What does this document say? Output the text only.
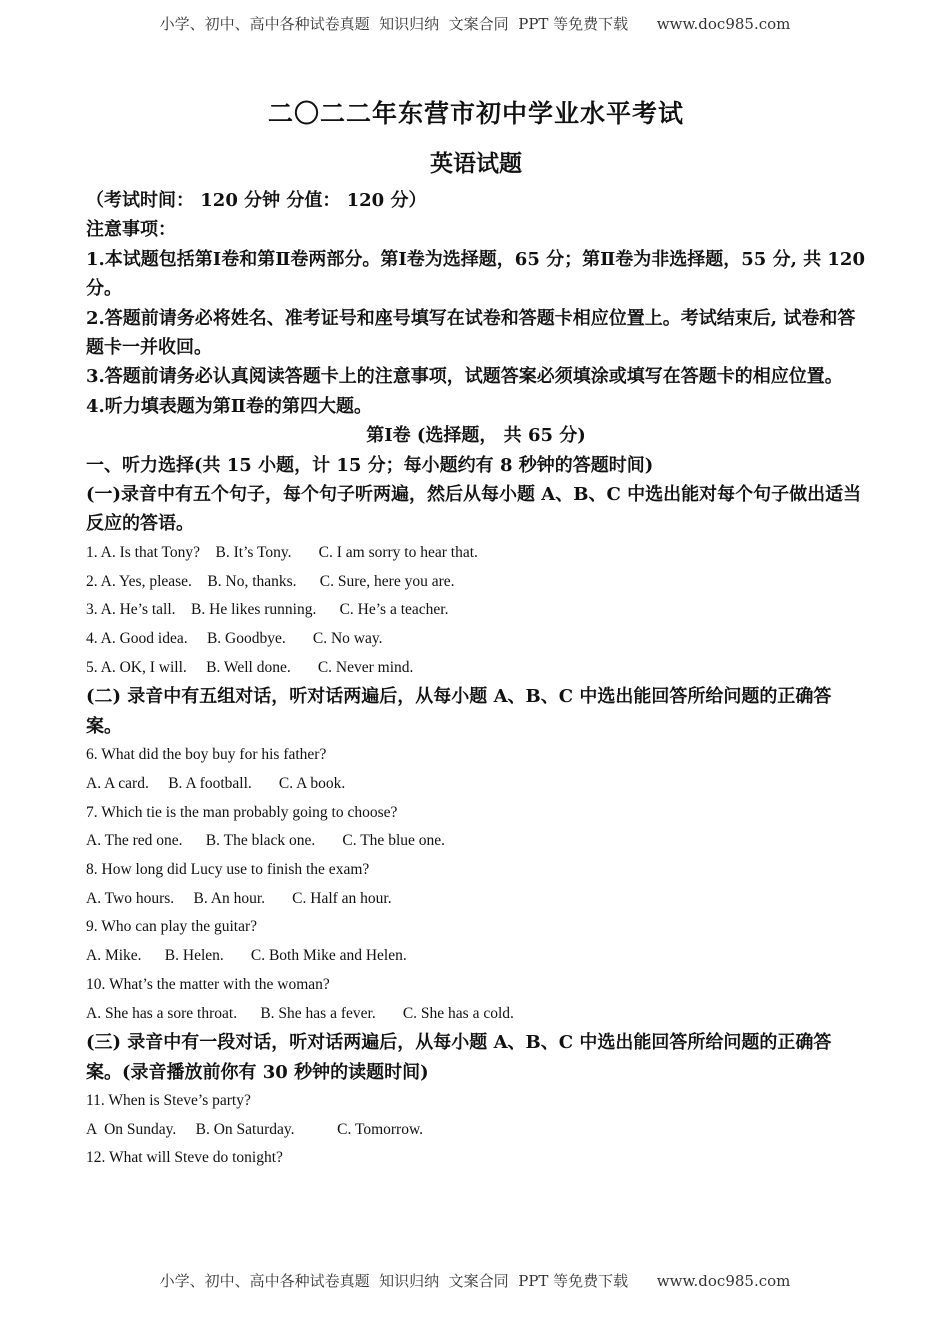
小学、初中、高中各种试卷真题  知识归纳  文案合同  PPT 等免费下载      www.doc985.com
二〇二二年东营市初中学业水平考试
英语试题

（考试时间： 120 分钟 分值： 120 分）

注意事项：

1.本试题包括第Ⅰ卷和第Ⅱ卷两部分。第Ⅰ卷为选择题，65 分；第Ⅱ卷为非选择题，55 分, 共 120 分。

2.答题前请务必将姓名、准考证号和座号填写在试卷和答题卡相应位置上。考试结束后, 试卷和答题卡一并收回。

3.答题前请务必认真阅读答题卡上的注意事项，试题答案必须填涂或填写在答题卡的相应位置。

4.听力填表题为第Ⅱ卷的第四大题。

第Ⅰ卷 (选择题， 共 65 分)

一、听力选择(共 15 小题，计 15 分；每小题约有 8 秒钟的答题时间)

(一)录音中有五个句子，每个句子听两遍，然后从每小题 A、B、C 中选出能对每个句子做出适当反应的答语。

1. A. Is that Tony?    B. It’s Tony.       C. I am sorry to hear that.

2. A. Yes, please.    B. No, thanks.      C. Sure, here you are.

3. A. He’s tall.    B. He likes running.      C. He’s a teacher.

4. A. Good idea.     B. Goodbye.       C. No way.

5. A. OK, I will.     B. Well done.       C. Never mind.

(二) 录音中有五组对话，听对话两遍后，从每小题 A、B、C 中选出能回答所给问题的正确答案。

6. What did the boy buy for his father?

A. A card.     B. A football.       C. A book.

7. Which tie is the man probably going to choose?

A. The red one.      B. The black one.       C. The blue one.

8. How long did Lucy use to finish the exam?

A. Two hours.     B. An hour.       C. Half an hour.

9. Who can play the guitar?

A. Mike.      B. Helen.       C. Both Mike and Helen.

10. What’s the matter with the woman?

A. She has a sore throat.      B. She has a fever.       C. She has a cold.

(三) 录音中有一段对话，听对话两遍后，从每小题 A、B、C 中选出能回答所给问题的正确答案。(录音播放前你有 30 秒钟的读题时间)

11. When is Steve’s party?

A  On Sunday.     B. On Saturday.           C. Tomorrow.

12. What will Steve do tonight?

小学、初中、高中各种试卷真题  知识归纳  文案合同  PPT 等免费下载      www.doc985.com
